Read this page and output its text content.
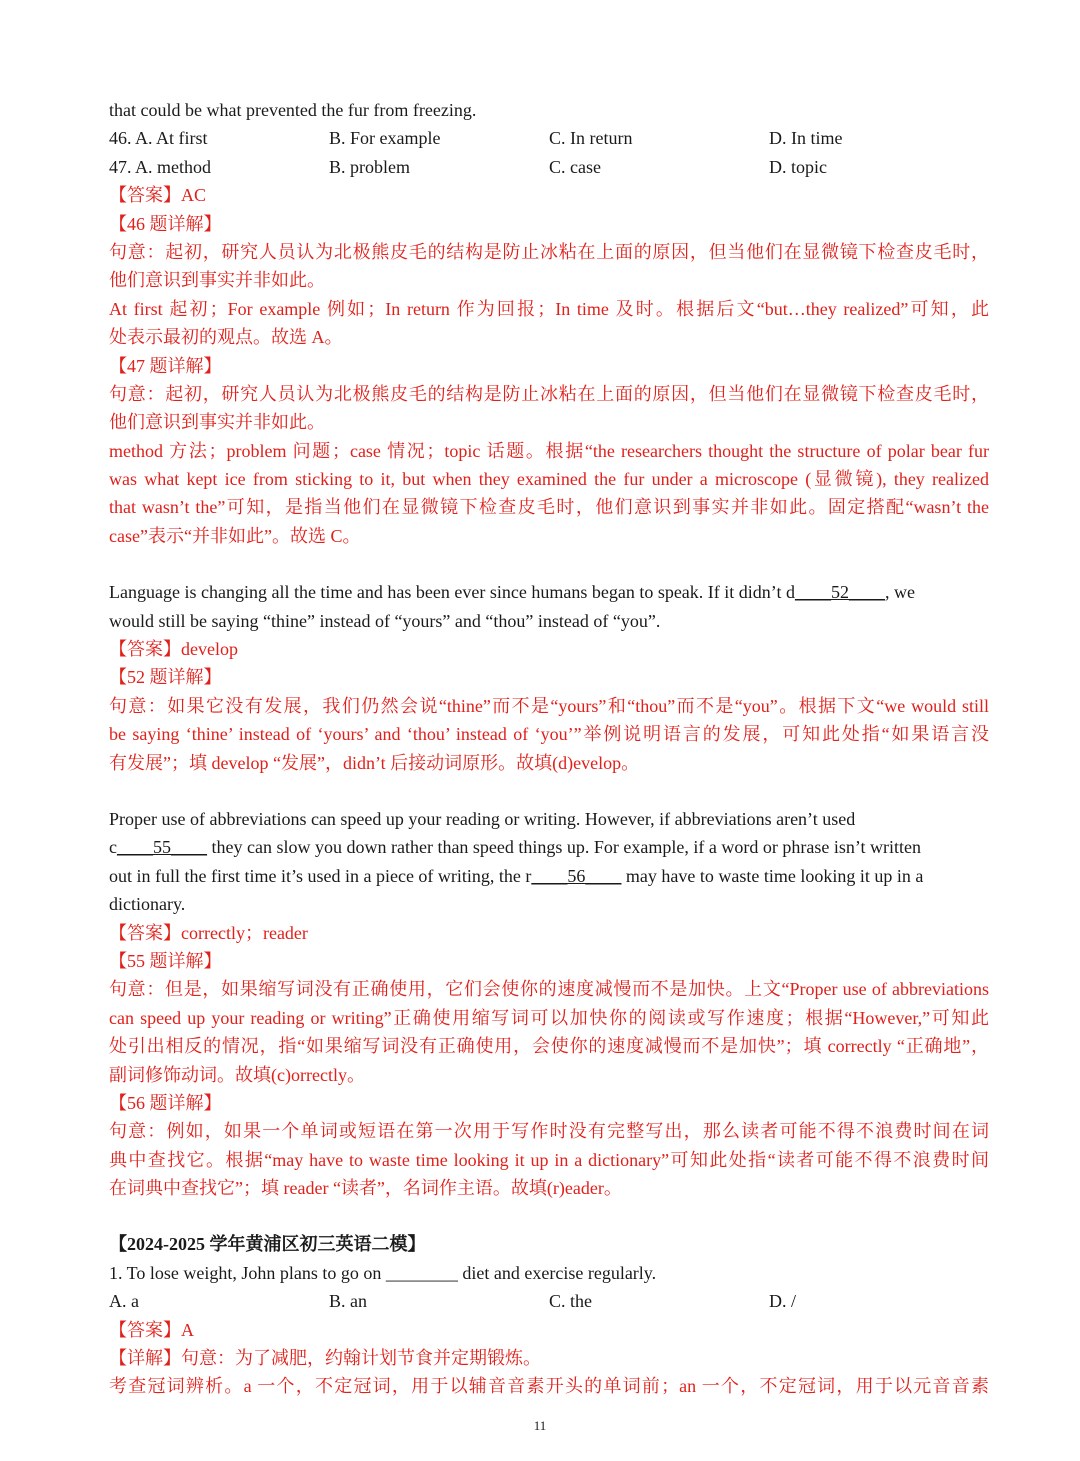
that could be what prevented the fur from freezing.
46. A. At first	B. For example	C. In return	D. In time
47. A. method	B. problem	C. case	D. topic
【答案】AC
【46 题详解】
句意：起初，研究人员认为北极熊皮毛的结构是防止冰粘在上面的原因，但当他们在显微镜下检查皮毛时，
他们意识到事实并非如此。
At first 起初；For example 例如；In return 作为回报；In time 及时。根据后文“but…they realized”可知，此
处表示最初的观点。故选 A。
【47 题详解】
句意：起初，研究人员认为北极熊皮毛的结构是防止冰粘在上面的原因，但当他们在显微镜下检查皮毛时，
他们意识到事实并非如此。
method 方法；problem 问题；case 情况；topic 话题。根据“the researchers thought the structure of polar bear fur
was what kept ice from sticking to it, but when they examined the fur under a microscope (显微镜), they realized
that wasn’t the”可知，是指当他们在显微镜下检查皮毛时，他们意识到事实并非如此。固定搭配“wasn’t the
case”表示“并非如此”。故选 C。
Language is changing all the time and has been ever since humans began to speak. If it didn’t d____52____, we
would still be saying “thine” instead of “yours” and “thou” instead of “you”.
【答案】develop
【52 题详解】
句意：如果它没有发展，我们仍然会说“thine”而不是“yours”和“thou”而不是“you”。根据下文“we would still
be saying ‘thine’ instead of ‘yours’ and ‘thou’ instead of ‘you’”举例说明语言的发展，可知此处指“如果语言没
有发展”；填 develop “发展”，didn’t 后接动词原形。故填(d)evelop。
Proper use of abbreviations can speed up your reading or writing. However, if abbreviations aren’t used
c____55____ they can slow you down rather than speed things up. For example, if a word or phrase isn’t written
out in full the first time it’s used in a piece of writing, the r____56____ may have to waste time looking it up in a
dictionary.
【答案】correctly；reader
【55 题详解】
句意：但是，如果缩写词没有正确使用，它们会使你的速度减慢而不是加快。上文“Proper use of abbreviations
can speed up your reading or writing”正确使用缩写词可以加快你的阅读或写作速度；根据“However,”可知此
处引出相反的情况，指“如果缩写词没有正确使用，会使你的速度减慢而不是加快”；填 correctly “正确地”，
副词修饰动词。故填(c)orrectly。
【56 题详解】
句意：例如，如果一个单词或短语在第一次用于写作时没有完整写出，那么读者可能不得不浪费时间在词
典中查找它。根据“may have to waste time looking it up in a dictionary”可知此处指“读者可能不得不浪费时间
在词典中查找它”；填 reader “读者”，名词作主语。故填(r)eader。
【2024-2025 学年黄浦区初三英语二模】
1. To lose weight, John plans to go on ________ diet and exercise regularly.
A. a	B. an	C. the	D. /
【答案】A
【详解】句意：为了减肥，约翰计划节食并定期锻炼。
考查冠词辨析。a 一个，不定冠词，用于以辅音音素开头的单词前；an 一个，不定冠词，用于以元音音素
11
